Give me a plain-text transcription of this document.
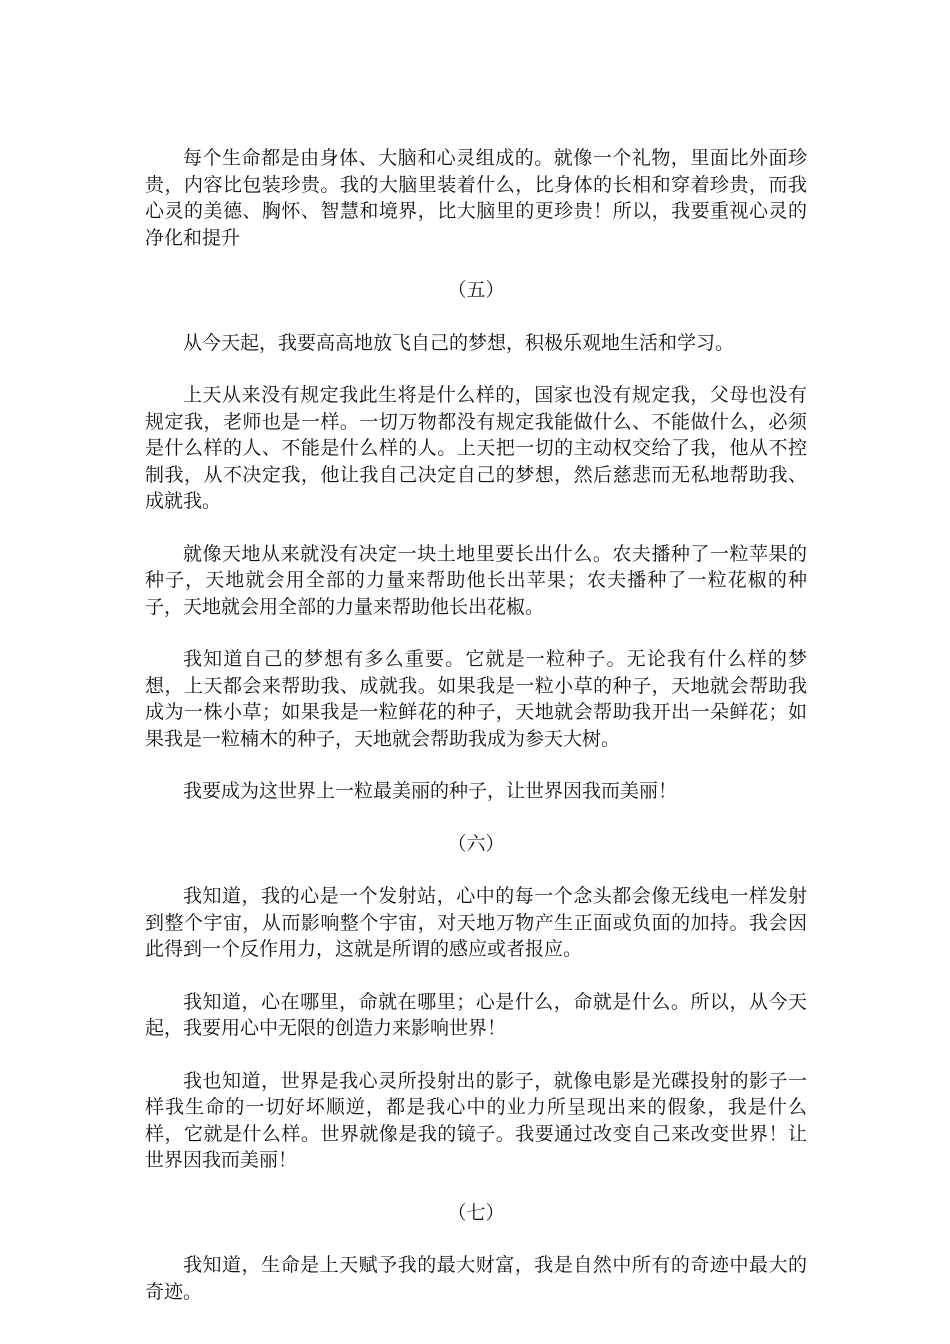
每个生命都是由身体、大脑和心灵组成的。就像一个礼物，里面比外面珍贵，内容比包装珍贵。我的大脑里装着什么，比身体的长相和穿着珍贵，而我心灵的美德、胸怀、智慧和境界，比大脑里的更珍贵！所以，我要重视心灵的净化和提升

（五）

从今天起，我要高高地放飞自己的梦想，积极乐观地生活和学习。

上天从来没有规定我此生将是什么样的，国家也没有规定我，父母也没有规定我，老师也是一样。一切万物都没有规定我能做什么、不能做什么，必须是什么样的人、不能是什么样的人。上天把一切的主动权交给了我，他从不控制我，从不决定我，他让我自己决定自己的梦想，然后慈悲而无私地帮助我、成就我。

就像天地从来就没有决定一块土地里要长出什么。农夫播种了一粒苹果的种子，天地就会用全部的力量来帮助他长出苹果；农夫播种了一粒花椒的种子，天地就会用全部的力量来帮助他长出花椒。

我知道自己的梦想有多么重要。它就是一粒种子。无论我有什么样的梦想，上天都会来帮助我、成就我。如果我是一粒小草的种子，天地就会帮助我成为一株小草；如果我是一粒鲜花的种子，天地就会帮助我开出一朵鲜花；如果我是一粒楠木的种子，天地就会帮助我成为参天大树。

我要成为这世界上一粒最美丽的种子，让世界因我而美丽！

（六）

我知道，我的心是一个发射站，心中的每一个念头都会像无线电一样发射到整个宇宙，从而影响整个宇宙，对天地万物产生正面或负面的加持。我会因此得到一个反作用力，这就是所谓的感应或者报应。

我知道，心在哪里，命就在哪里；心是什么，命就是什么。所以，从今天起，我要用心中无限的创造力来影响世界！

我也知道，世界是我心灵所投射出的影子，就像电影是光碟投射的影子一样我生命的一切好坏顺逆，都是我心中的业力所呈现出来的假象，我是什么样，它就是什么样。世界就像是我的镜子。我要通过改变自己来改变世界！让世界因我而美丽！

（七）

我知道，生命是上天赋予我的最大财富，我是自然中所有的奇迹中最大的奇迹。
